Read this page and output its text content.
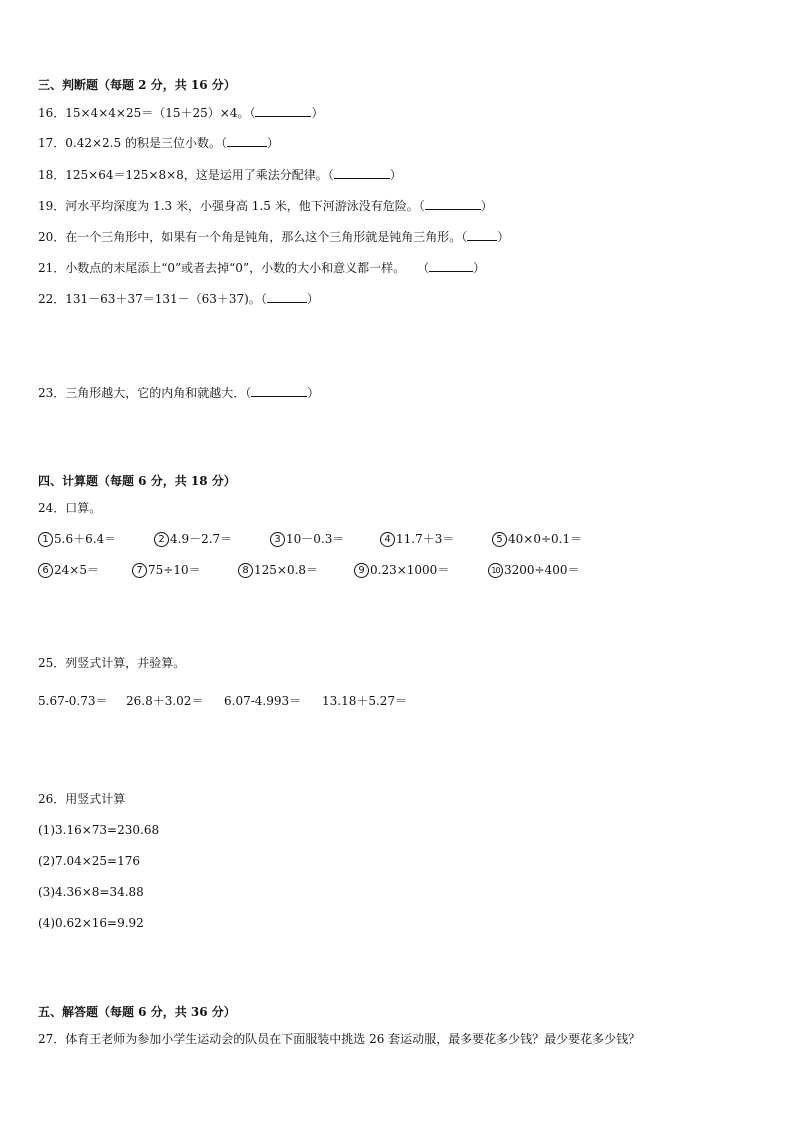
三、判断题（每题 2 分，共 16 分）
16．15×4×4×25＝（15＋25）×4。（	）
17．0.42×2.5 的积是三位小数。（	）
18．125×64＝125×8×8，这是运用了乘法分配律。（	）
19．河水平均深度为 1.3 米，小强身高 1.5 米，他下河游泳没有危险。（	）
20．在一个三角形中，如果有一个角是钝角，那么这个三角形就是钝角三角形。（	）
21．小数点的末尾添上“0”或者去掉“0”，小数的大小和意义都一样。　　（	）
22．131－63＋37＝131－（63＋37)。（	）
23．三角形越大，它的内角和就越大．（	）
四、计算题（每题 6 分，共 18 分）
24．口算。
1 5.6＋6.4＝	2 4.9－2.7＝	3 10－0.3＝	4 11.7＋3＝	5 40×0÷0.1＝
6 24×5＝	7 75÷10＝	8 125×0.8＝	9 0.23×1000＝	10 3200÷400＝
25．列竖式计算，并验算。
5.67-0.73＝ 26.8＋3.02＝ 6.07-4.993＝ 13.18＋5.27＝
26．用竖式计算
(1)3.16×73=230.68
(2)7.04×25=176
(3)4.36×8=34.88
(4)0.62×16=9.92
五、解答题（每题 6 分，共 36 分）
27．体育王老师为参加小学生运动会的队员在下面服装中挑选 26 套运动服，最多要花多少钱？最少要花多少钱？
